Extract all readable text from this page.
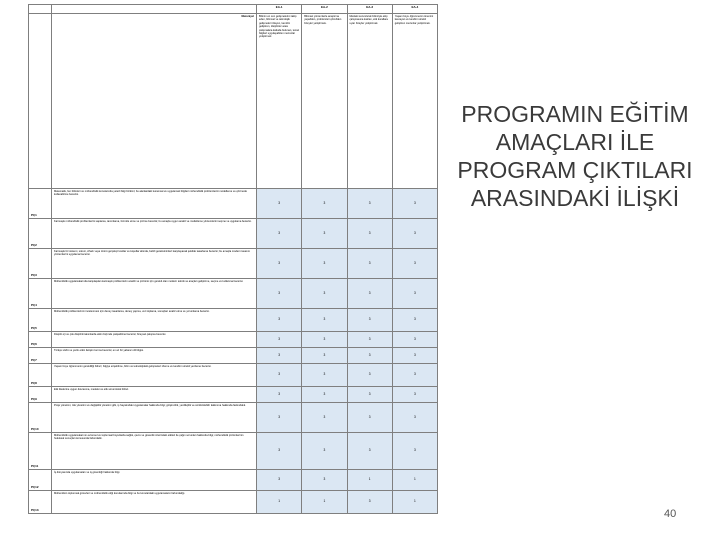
		EA-1	EA-2	EA-3	EA-4
	Mezuniyet	Bilimin en son gelişmelerini takip eden, bilimsel ve teknolojik gelişmeleri izleyen, kendini geliştiren, disiplinler arası çalışmalara katkıda bulunan, temel bilgileri uygulayabilen mezunlar yetiştirmek	Bilimsel yöntemlerle araştırma yapabilen, problemleri çözebilen bireyler yetiştirmek.	Mesleki sorumluluk bilinciyle ekip çalışmasına katılan, etik kurallara uyan bireyler yetiştirmek.	Yaşam boyu öğrenmenin önemini kavrayan ve kendini sürekli geliştiren mezunlar yetiştirmek.
PÇ1	Matematik, fen bilimleri ve mühendislik konularında yeterli bilgi birikimi; bu alanlardaki kuramsal ve uygulamalı bilgileri mühendislik problemlerini modelleme ve çözmede kullanabilme becerisi.	3	3	3	3
PÇ2	Karmaşık mühendislik problemlerini saptama, tanımlama, formüle etme ve çözme becerisi; bu amaçla uygun analiz ve modelleme yöntemlerini seçme ve uygulama becerisi.	3	3	3	3
PÇ3	Karmaşık bir sistemi, süreci, cihazı veya ürünü gerçekçi kısıtlar ve koşullar altında, belirli gereksinimleri karşılayacak şekilde tasarlama becerisi; bu amaçla modern tasarım yöntemlerini uygulama becerisi.	3	3	3	3
PÇ4	Mühendislik uygulamalarında karşılaşılan karmaşık problemlerin analizi ve çözümü için gerekli olan modern teknik ve araçları geliştirme, seçme ve kullanma becerisi.	3	3	3	3
PÇ5	Mühendislik problemlerinin incelenmesi için deney tasarlama, deney yapma, veri toplama, sonuçları analiz etme ve yorumlama becerisi.	3	3	3	3
PÇ6	Disiplin içi ve çok disiplinli takımlarda etkin biçimde çalışabilme becerisi; bireysel çalışma becerisi.	3	3	3	3
PÇ7	Türkçe sözlü ve yazılı etkin iletişim kurma becerisi; en az bir yabancı dil bilgisi.	3	3	3	3
PÇ8	Yaşam boyu öğrenmenin gerekliliği bilinci; bilgiye erişebilme, bilim ve teknolojideki gelişmeleri izleme ve kendini sürekli yenileme becerisi.	3	3	3	3
PÇ9	Etik ilkelerine uygun davranma, mesleki ve etik sorumluluk bilinci.	3	3	3	3
PÇ10	Proje yönetimi, risk yönetimi ve değişiklik yönetimi gibi, iş hayatındaki uygulamalar hakkında bilgi; girişimcilik, yenilikçilik ve sürdürülebilir kalkınma hakkında farkındalık.	3	3	3	3
PÇ11	Mühendislik uygulamalarının evrensel ve toplumsal boyutlarda sağlık, çevre ve güvenlik üzerindeki etkileri ile çağın sorunları hakkında bilgi; mühendislik çözümlerinin hukuksal sonuçları konusunda farkındalık.	3	3	3	3
PÇ12	İş dünyasında uygulamaları ve iş güvenliği hakkında bilgi.	3	3	1	1
PÇ13	Mühendisin toplumsal görevleri ve mühendislik etiği konularında bilgi ve bu konulardaki uygulamaların farkındalığı.	1	1	3	1
PROGRAMIN EĞİTİM AMAÇLARI İLE PROGRAM ÇIKTILARI ARASINDAKİ İLİŞKİ
40
